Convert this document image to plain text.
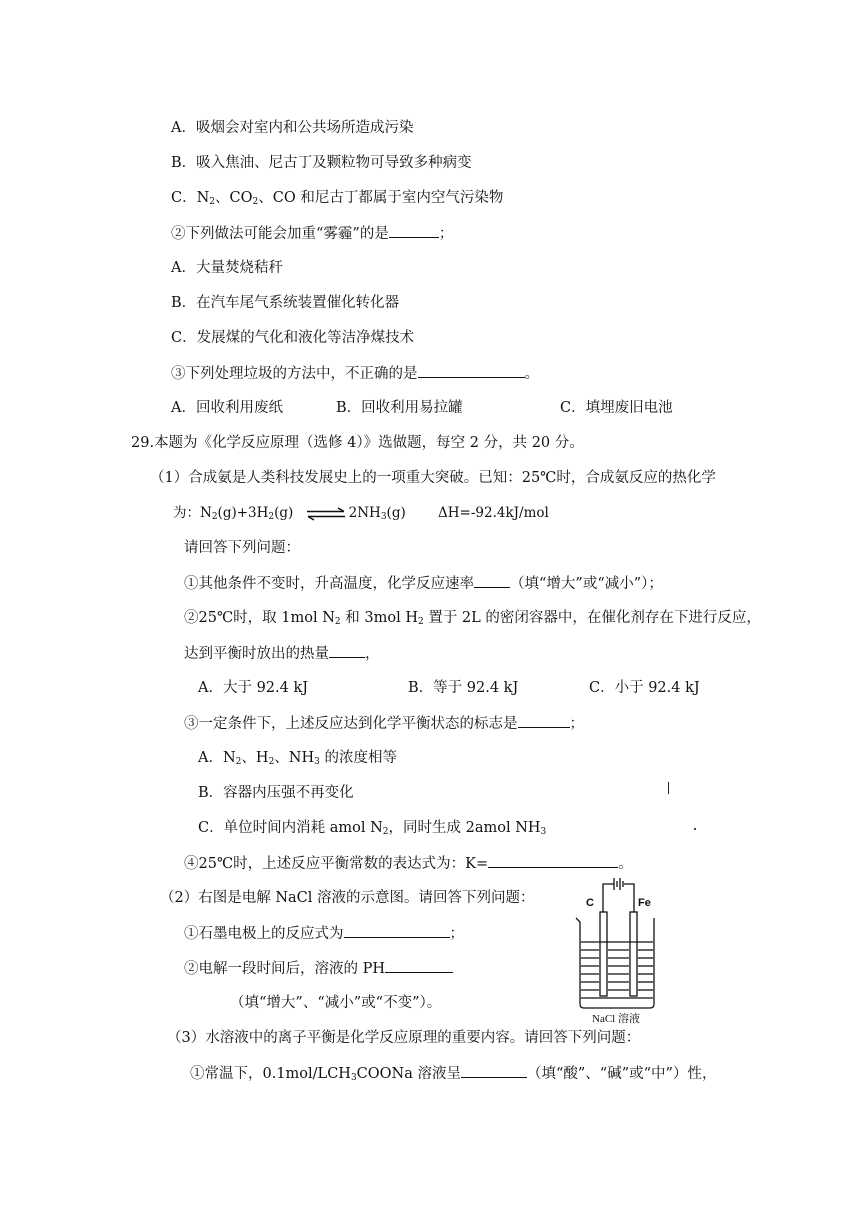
A．吸烟会对室内和公共场所造成污染
B．吸入焦油、尼古丁及颗粒物可导致多种病变
C．$N_2$、$CO_2$、CO 和尼古丁都属于室内空气污染物
②下列做法可能会加重“雾霾”的是	；
A．大量焚烧秸秆
B．在汽车尾气系统装置催化转化器
C．发展煤的气化和液化等洁净煤技术
③下列处理垃圾的方法中，不正确的是	。
A．回收利用废纸	B．回收利用易拉罐	C．填埋废旧电池
29.本题为《化学反应原理（选修 4）》选做题，每空 2 分，共 20 分。
（1）合成氨是人类科技发展史上的一项重大突破。已知：25℃时，合成氨反应的热化学
为：$N_2(g)+3H_2(g)$ ⇌ $2NH_3(g)$ ΔH=-92.4kJ/mol
请回答下列问题：
①其他条件不变时，升高温度，化学反应速率 （填“增大”或“减小”）；
②25℃时，取 1mol $N_2$ 和 3mol $H_2$ 置于 2L 的密闭容器中，在催化剂存在下进行反应，
达到平衡时放出的热量 ，
A．大于 92.4 kJ	B．等于 92.4 kJ	C．小于 92.4 kJ
③一定条件下，上述反应达到化学平衡状态的标志是	；
A．$N_2$、$H_2$、$NH_3$ 的浓度相等
B．容器内压强不再变化
C．单位时间内消耗 amol $N_2$，同时生成 2amol $NH_3$
④25℃时，上述反应平衡常数的表达式为：K=	。
（2）右图是电解 NaCl 溶液的示意图。请回答下列问题：
①石墨电极上的反应式为	；
②电解一段时间后，溶液的 PH
（填“增大”、“减小”或“不变”）。
C	Fe
NaCl 溶液
（3）水溶液中的离子平衡是化学反应原理的重要内容。请回答下列问题：
①常温下，$0.1mol/LCH_3COONa$ 溶液呈	（填“酸”、“碱”或“中”）性，
